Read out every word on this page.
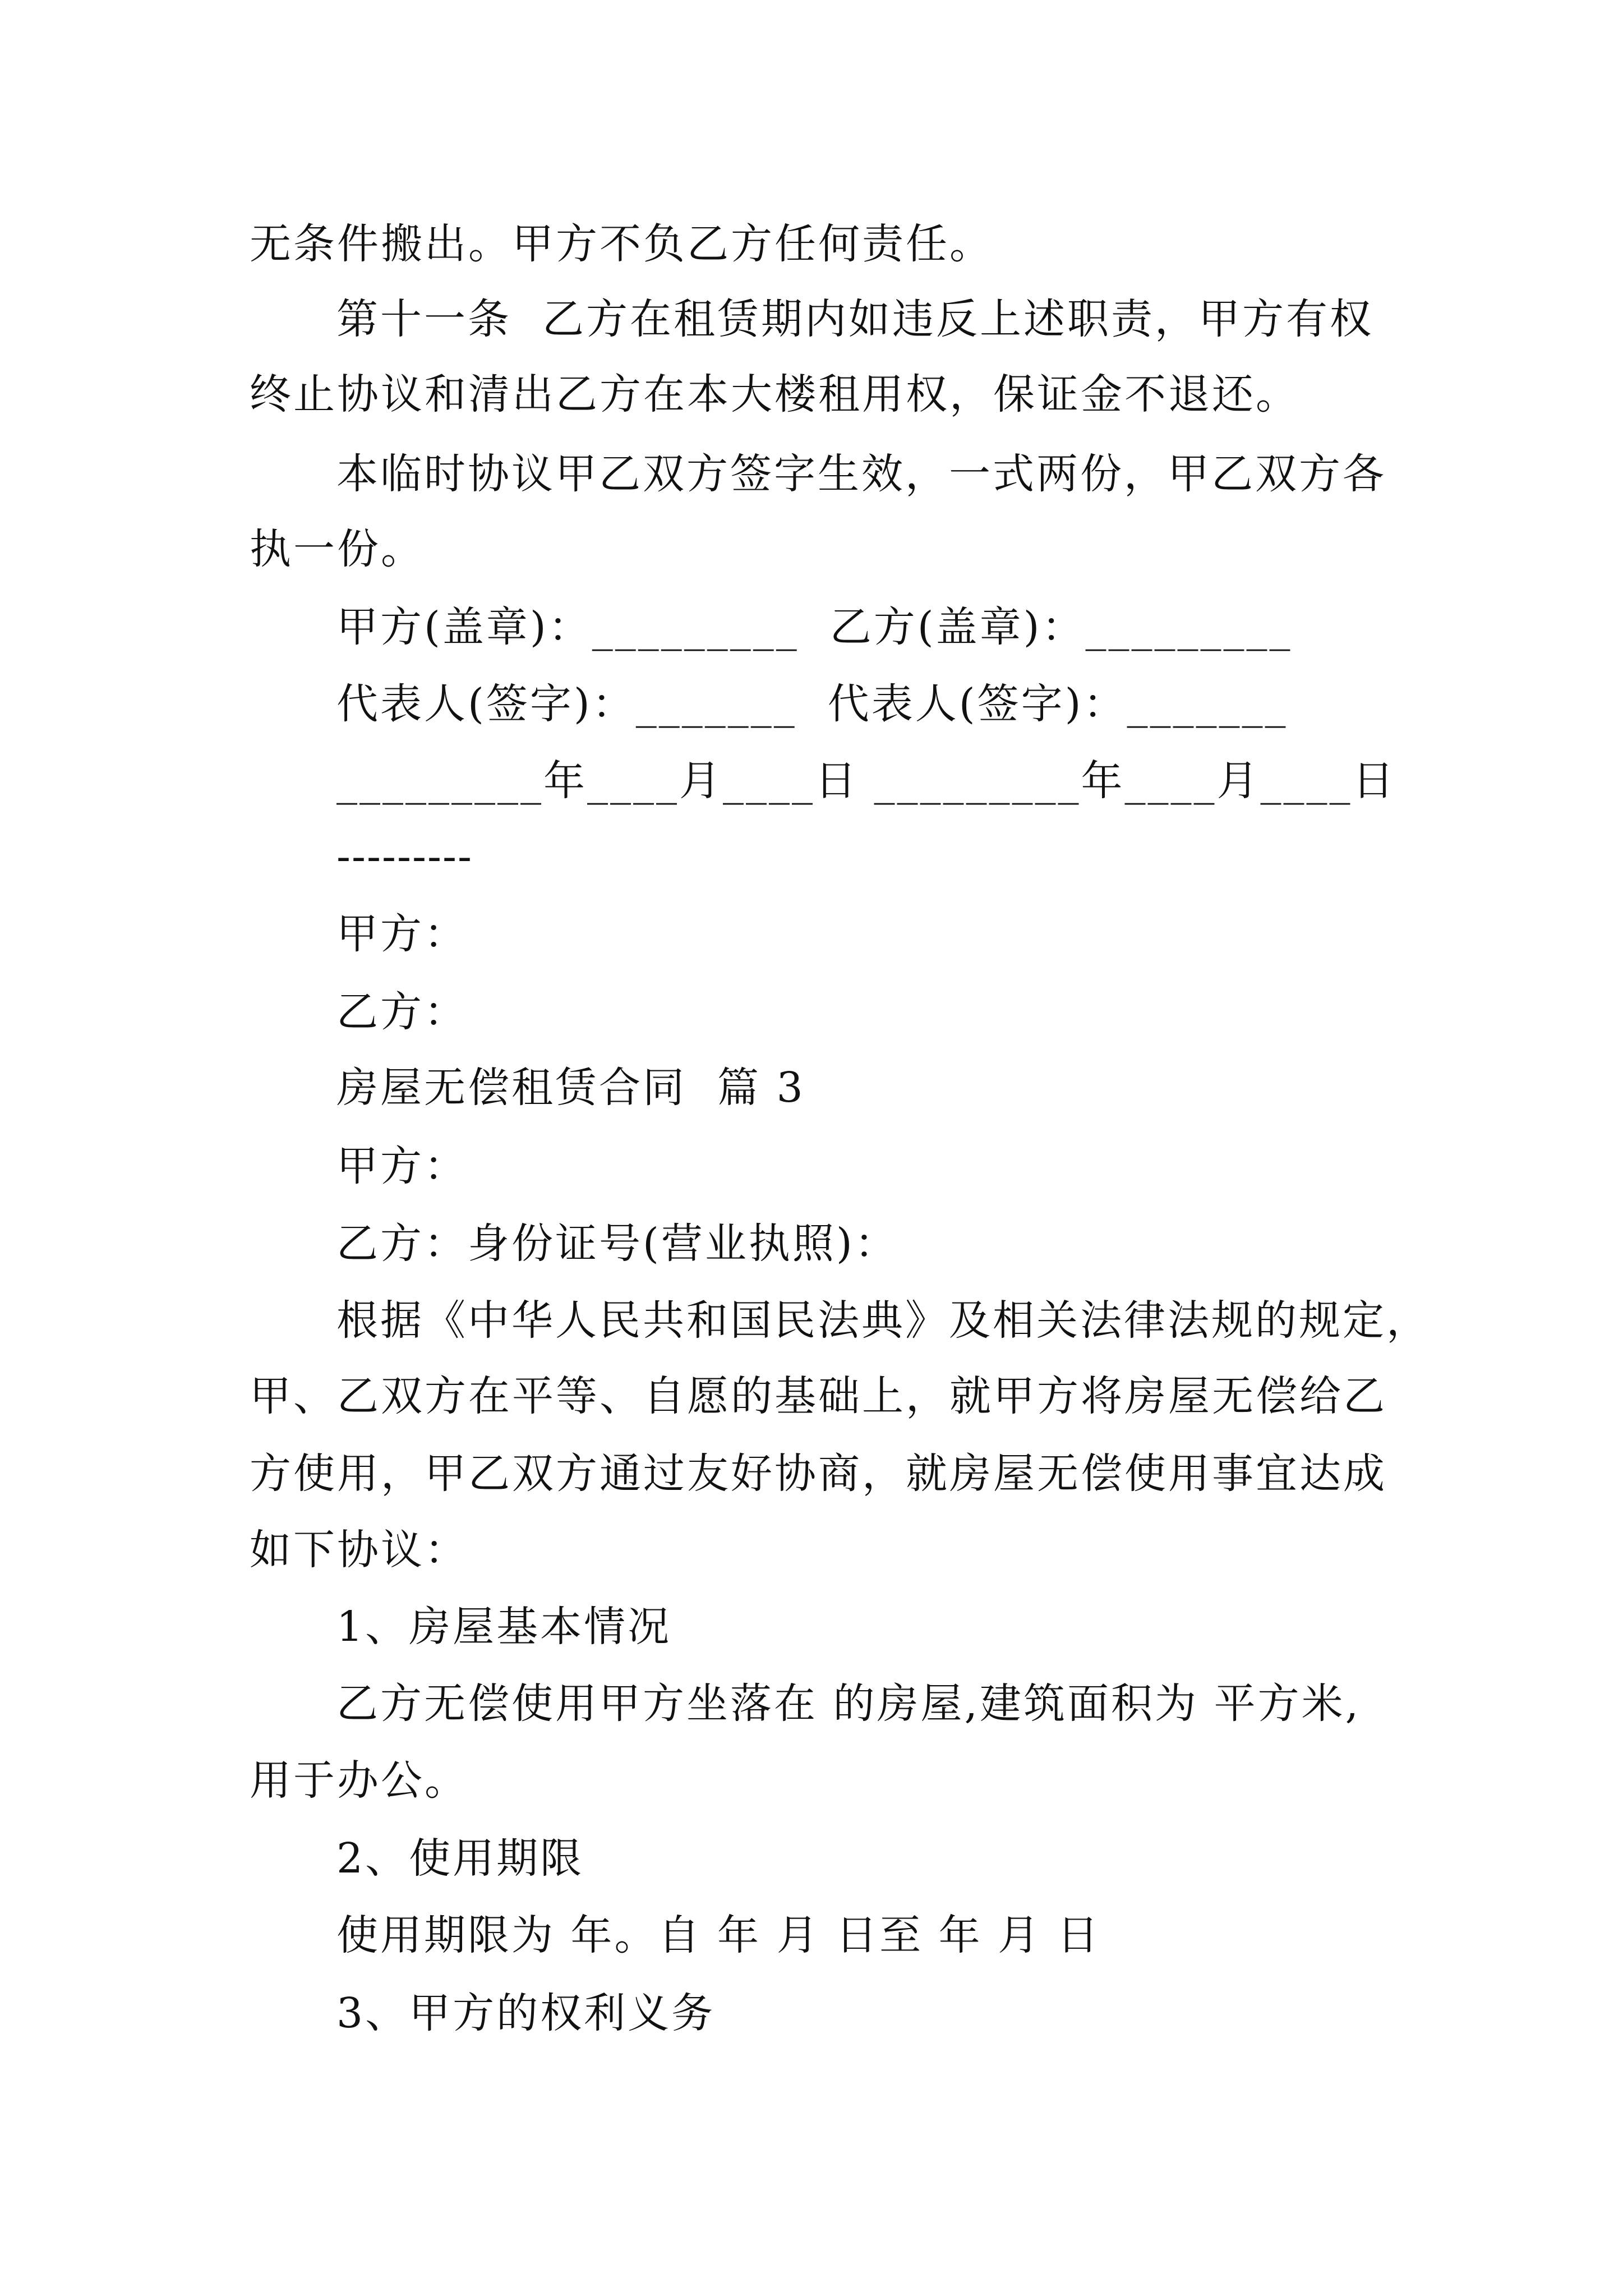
无条件搬出。甲方不负乙方任何责任。
第十一条  乙方在租赁期内如违反上述职责，甲方有权
终止协议和清出乙方在本大楼租用权，保证金不退还。
本临时协议甲乙双方签字生效，一式两份，甲乙双方各
执一份。
甲方(盖章)：_________  乙方(盖章)：_________
代表人(签字)：_______  代表人(签字)：_______
_________年____月____日 _________年____月____日
---------
甲方：
乙方：
房屋无偿租赁合同  篇 3
甲方：
乙方：身份证号(营业执照)：
根据《中华人民共和国民法典》及相关法律法规的规定，
甲、乙双方在平等、自愿的基础上，就甲方将房屋无偿给乙
方使用，甲乙双方通过友好协商，就房屋无偿使用事宜达成
如下协议：
1、房屋基本情况
乙方无偿使用甲方坐落在 的房屋,建筑面积为 平方米,
用于办公。
2、使用期限
使用期限为 年。自 年 月 日至 年 月 日
3、甲方的权利义务
